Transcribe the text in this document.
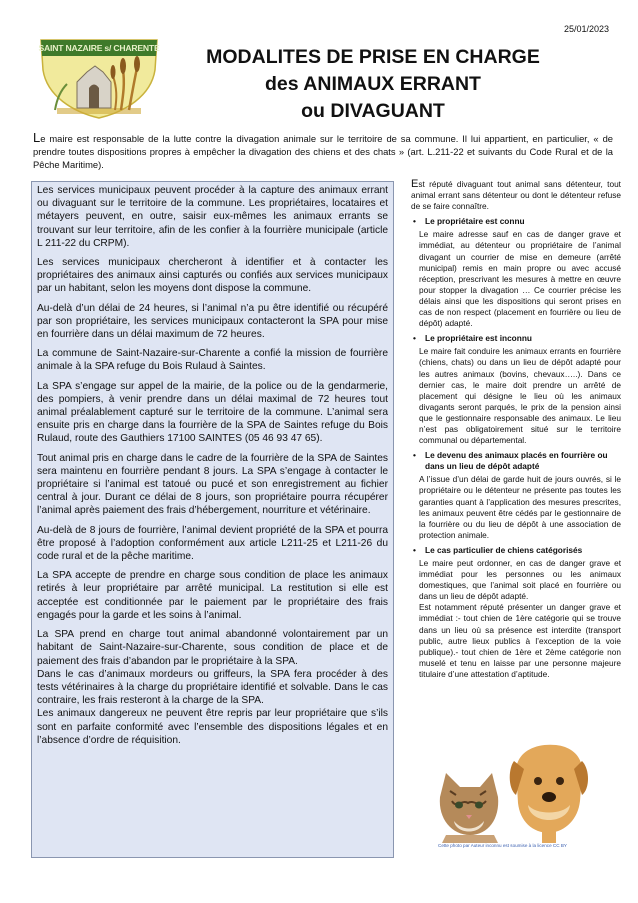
25/01/2023
SAINT NAZAIRE s/ CHARENTE	MODALITES DE PRISE EN CHARGE
des ANIMAUX ERRANT
ou DIVAGUANT
Le maire est responsable de la lutte contre la divagation animale sur le territoire de sa commune. Il lui appartient, en particulier, « de prendre toutes dispositions propres à empêcher la divagation des chiens et des chats » (art. L.211-22 et suivants du Code Rural et de la Pêche Maritime).

Les services municipaux peuvent procéder à la capture des animaux errant ou divaguant sur le territoire de la commune. Les propriétaires, locataires et métayers peuvent, en outre, saisir eux-mêmes les animaux errants se trouvant sur leur territoire, afin de les confier à la fourrière municipale (article L 211-22 du CRPM).

Les services municipaux chercheront à identifier et à contacter les propriétaires des animaux ainsi capturés ou confiés aux services municipaux par un habitant, selon les moyens dont dispose la commune.

Au-delà d’un délai de 24 heures, si l’animal n’a pu être identifié ou récupéré par son propriétaire, les services municipaux contacteront la SPA pour mise en fourrière dans un délai maximum de 72 heures.

La commune de Saint-Nazaire-sur-Charente a confié la mission de fourrière animale à la SPA refuge du Bois Rulaud à Saintes.

La SPA s’engage sur appel de la mairie, de la police ou de la gendarmerie, des pompiers, à venir prendre dans un délai maximal de 72 heures tout animal préalablement capturé sur le territoire de la commune. L’animal sera ensuite pris en charge dans la fourrière de la SPA de Saintes refuge du Bois Rulaud, route des Gauthiers 17100 SAINTES (05 46 93 47 65).

Tout animal pris en charge dans le cadre de la fourrière de la SPA de Saintes sera maintenu en fourrière pendant 8 jours. La SPA s’engage à contacter le propriétaire si l’animal est tatoué ou pucé et son enregistrement au fichier central à jour. Durant ce délai de 8 jours, son propriétaire pourra récupérer l’animal après paiement des frais d’hébergement, nourriture et vétérinaire.

Au-delà de 8 jours de fourrière, l’animal devient propriété de la SPA et pourra être proposé à l’adoption conformément aux article L211-25 et L211-26 du code rural et de la pêche maritime.

La SPA accepte de prendre en charge sous condition de place les animaux retirés à leur propriétaire par arrêté municipal. La restitution si elle est acceptée est conditionnée par le paiement par le propriétaire des frais engagés pour la garde et les soins à l’animal.

La SPA prend en charge tout animal abandonné volontairement par un habitant de Saint-Nazaire-sur-Charente, sous condition de place et de paiement des frais d’abandon par le propriétaire à la SPA.

Dans le cas d’animaux mordeurs ou griffeurs, la SPA fera procéder à des tests vétérinaires à la charge du propriétaire identifié et solvable. Dans le cas contraire, les frais resteront à la charge de la SPA.

Les animaux dangereux ne peuvent être repris par leur propriétaire que s’ils sont en parfaite conformité avec l’ensemble des dispositions légales et en l’absence d’ordre de réquisition.

Est réputé divaguant tout animal sans détenteur, tout animal errant sans détenteur ou dont le détenteur refuse de se faire connaître.

•	Le propriétaire est connu

Le maire adresse sauf en cas de danger grave et immédiat, au détenteur ou propriétaire de l’animal divagant un courrier de mise en demeure (arrêté municipal) remis en main propre ou avec accusé réception, prescrivant les mesures à mettre en œuvre pour stopper la divagation … Ce courrier précise les délais ainsi que les dispositions qui seront prises en cas de non respect (placement en fourrière ou lieu de dépôt) adapté.

•	Le propriétaire est inconnu

Le maire fait conduire les animaux errants en fourrière (chiens, chats) ou dans un lieu de dépôt adapté pour les autres animaux (bovins, chevaux…..). Dans ce dernier cas, le maire doit prendre un arrêté de placement qui désigne le lieu où les animaux divagants seront parqués, le prix de la pension ainsi que le gestionnaire responsable des animaux. Le lieu n’est pas obligatoirement situé sur le territoire communal ou départemental.

•	Le devenu des animaux placés en fourrière ou dans un lieu de dépôt adapté

A l’issue d’un délai de garde huit de jours ouvrés, si le propriétaire ou le détenteur ne présente pas toutes les garanties quant à l’application des mesures prescrites, les animaux peuvent être cédés par le gestionnaire de la fourrière ou du lieu de dépôt à une association de protection animale.

•	Le cas particulier de chiens catégorisés

Le maire peut ordonner, en cas de danger grave et immédiat pour les personnes ou les animaux domestiques, que l’animal soit placé en fourrière ou dans un lieu de dépôt adapté.

Est notamment réputé présenter un danger grave et immédiat :- tout chien de 1ère catégorie qui se trouve dans un lieu où sa présence est interdite (transport public, autre lieux publics à l’exception de la voie publique).- tout chien de 1ère et 2ème catégorie non muselé et tenu en laisse par une personne majeure titulaire d’une attestation d’aptitude.

Cette photo par Auteur inconnu est soumise à la licence CC BY
